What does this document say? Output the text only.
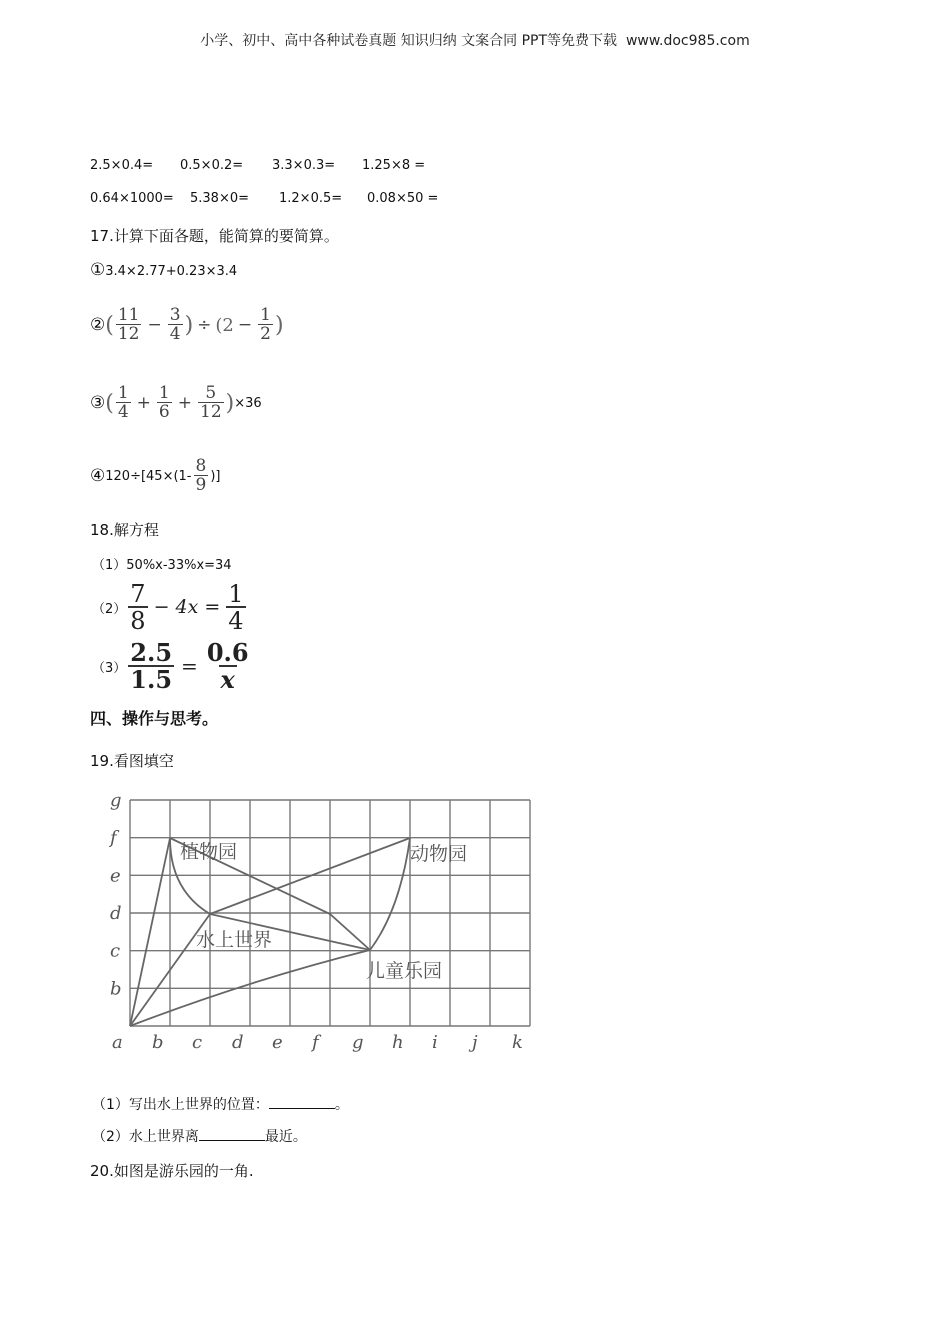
小学、初中、高中各种试卷真题 知识归纳 文案合同 PPT等免费下载 www.doc985.com
2.5×0.4= 0.5×0.2= 3.3×0.3= 1.25×8 =
0.64×1000= 5.38×0= 1.2×0.5= 0.08×50 =
17.计算下面各题，能简算的要简算。
①3.4×2.77+0.23×3.4
② ( $\frac{11}{12} - \frac{3}{4}$ ) ÷ ($2 - \frac{1}{2}$ )
③ ( $\frac{1}{4} + \frac{1}{6} + \frac{5}{12}$ ) ×36
④ $120\div[45\times(1- \frac{8}{9}$ )]
18.解方程
（1）50%x-33%x=34
$(2) \frac{7}{8} - 4x = \frac{1}{4}$
$(3) \frac{2.5}{1.5} = \frac{0.6}{x}$
四、操作与思考。
19.看图填空
植物园	动物园
水上世界
儿童乐园
a b c d e f g h i j k
b
c
d
e
f
g
（1）写出水上世界的位置：	。
（2）水上世界离	最近。
20.如图是游乐园的一角.
